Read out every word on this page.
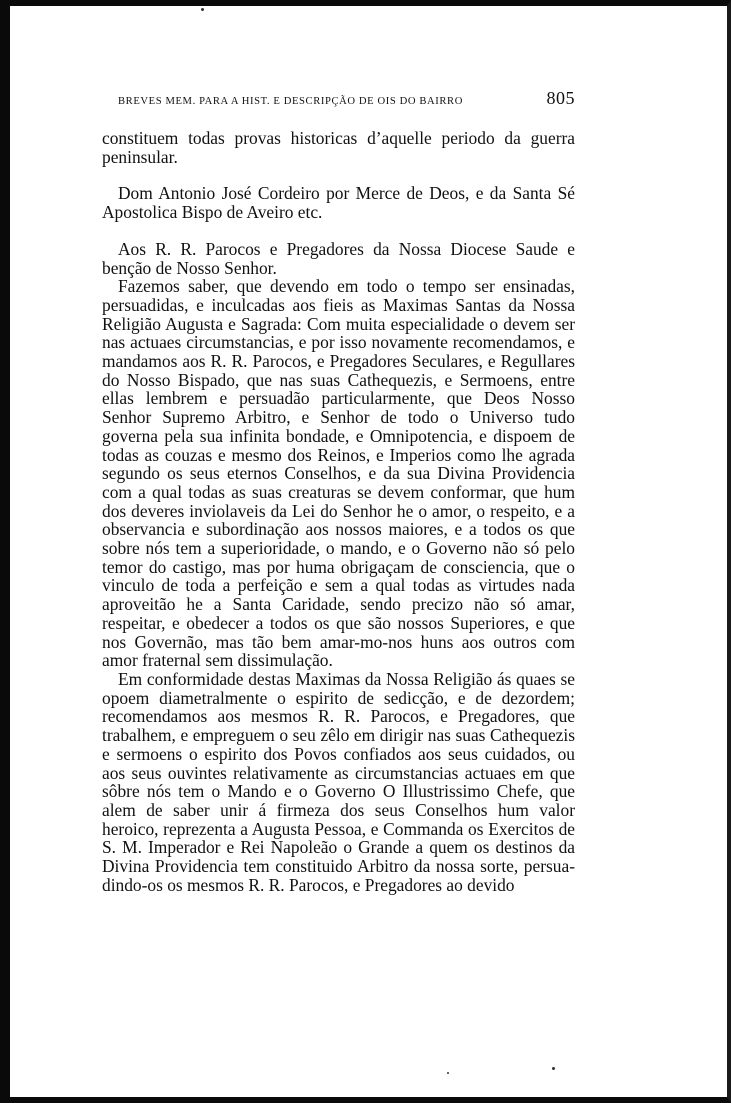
BREVES MEM. PARA A HIST. E DESCRIPÇÃO DE OIS DO BAIRRO	805

constituem todas provas historicas d’aquelle periodo da guerra peninsular.

Dom Antonio José Cordeiro por Merce de Deos, e da Santa Sé Apostolica Bispo de Aveiro etc.

Aos R. R. Parocos e Pregadores da Nossa Diocese Saude e benção de Nosso Senhor.

Fazemos saber, que devendo em todo o tempo ser ensinadas, persuadidas, e inculcadas aos fieis as Maximas Santas da Nossa Religião Augusta e Sagrada: Com muita especialidade o devem ser nas actuaes circumstancias, e por isso novamente recomendamos, e mandamos aos R. R. Parocos, e Pregadores Seculares, e Regullares do Nosso Bispado, que nas suas Cathequezis, e Sermoens, entre ellas lembrem e persuadão particularmente, que Deos Nosso Senhor Supremo Arbitro, e Senhor de todo o Universo tudo governa pela sua infinita bondade, e Omnipotencia, e dispoem de todas as couzas e mesmo dos Reinos, e Imperios como lhe agrada segundo os seus eternos Conselhos, e da sua Divina Providencia com a qual todas as suas creaturas se devem conformar, que hum dos deveres inviolaveis da Lei do Senhor he o amor, o respeito, e a observancia e subordinação aos nossos maiores, e a todos os que sobre nós tem a superioridade, o mando, e o Governo não só pelo temor do castigo, mas por huma obrigaçam de consciencia, que o vinculo de toda a perfeição e sem a qual todas as virtudes nada aproveitão he a Santa Caridade, sendo precizo não só amar, respeitar, e obedecer a todos os que são nossos Superiores, e que nos Governão, mas tão bem amar-mo-nos huns aos outros com amor fraternal sem dissimulação.

Em conformidade destas Maximas da Nossa Religião ás quaes se opoem diametralmente o espirito de sedicção, e de dezordem; recomendamos aos mesmos R. R. Parocos, e Pregadores, que trabalhem, e empreguem o seu zêlo em dirigir nas suas Cathequezis e sermoens o espirito dos Povos confiados aos seus cuidados, ou aos seus ouvintes relativamente as circumstancias actuaes em que sôbre nós tem o Mando e o Governo O Illustrissimo Chefe, que alem de saber unir á firmeza dos seus Conselhos hum valor heroico, reprezenta a Augusta Pessoa, e Commanda os Exercitos de S. M. Imperador e Rei Napoleão o Grande a quem os destinos da Divina Providencia tem constituido Arbitro da nossa sorte, persuadindo-os os mesmos R. R. Parocos, e Pregadores ao devido
